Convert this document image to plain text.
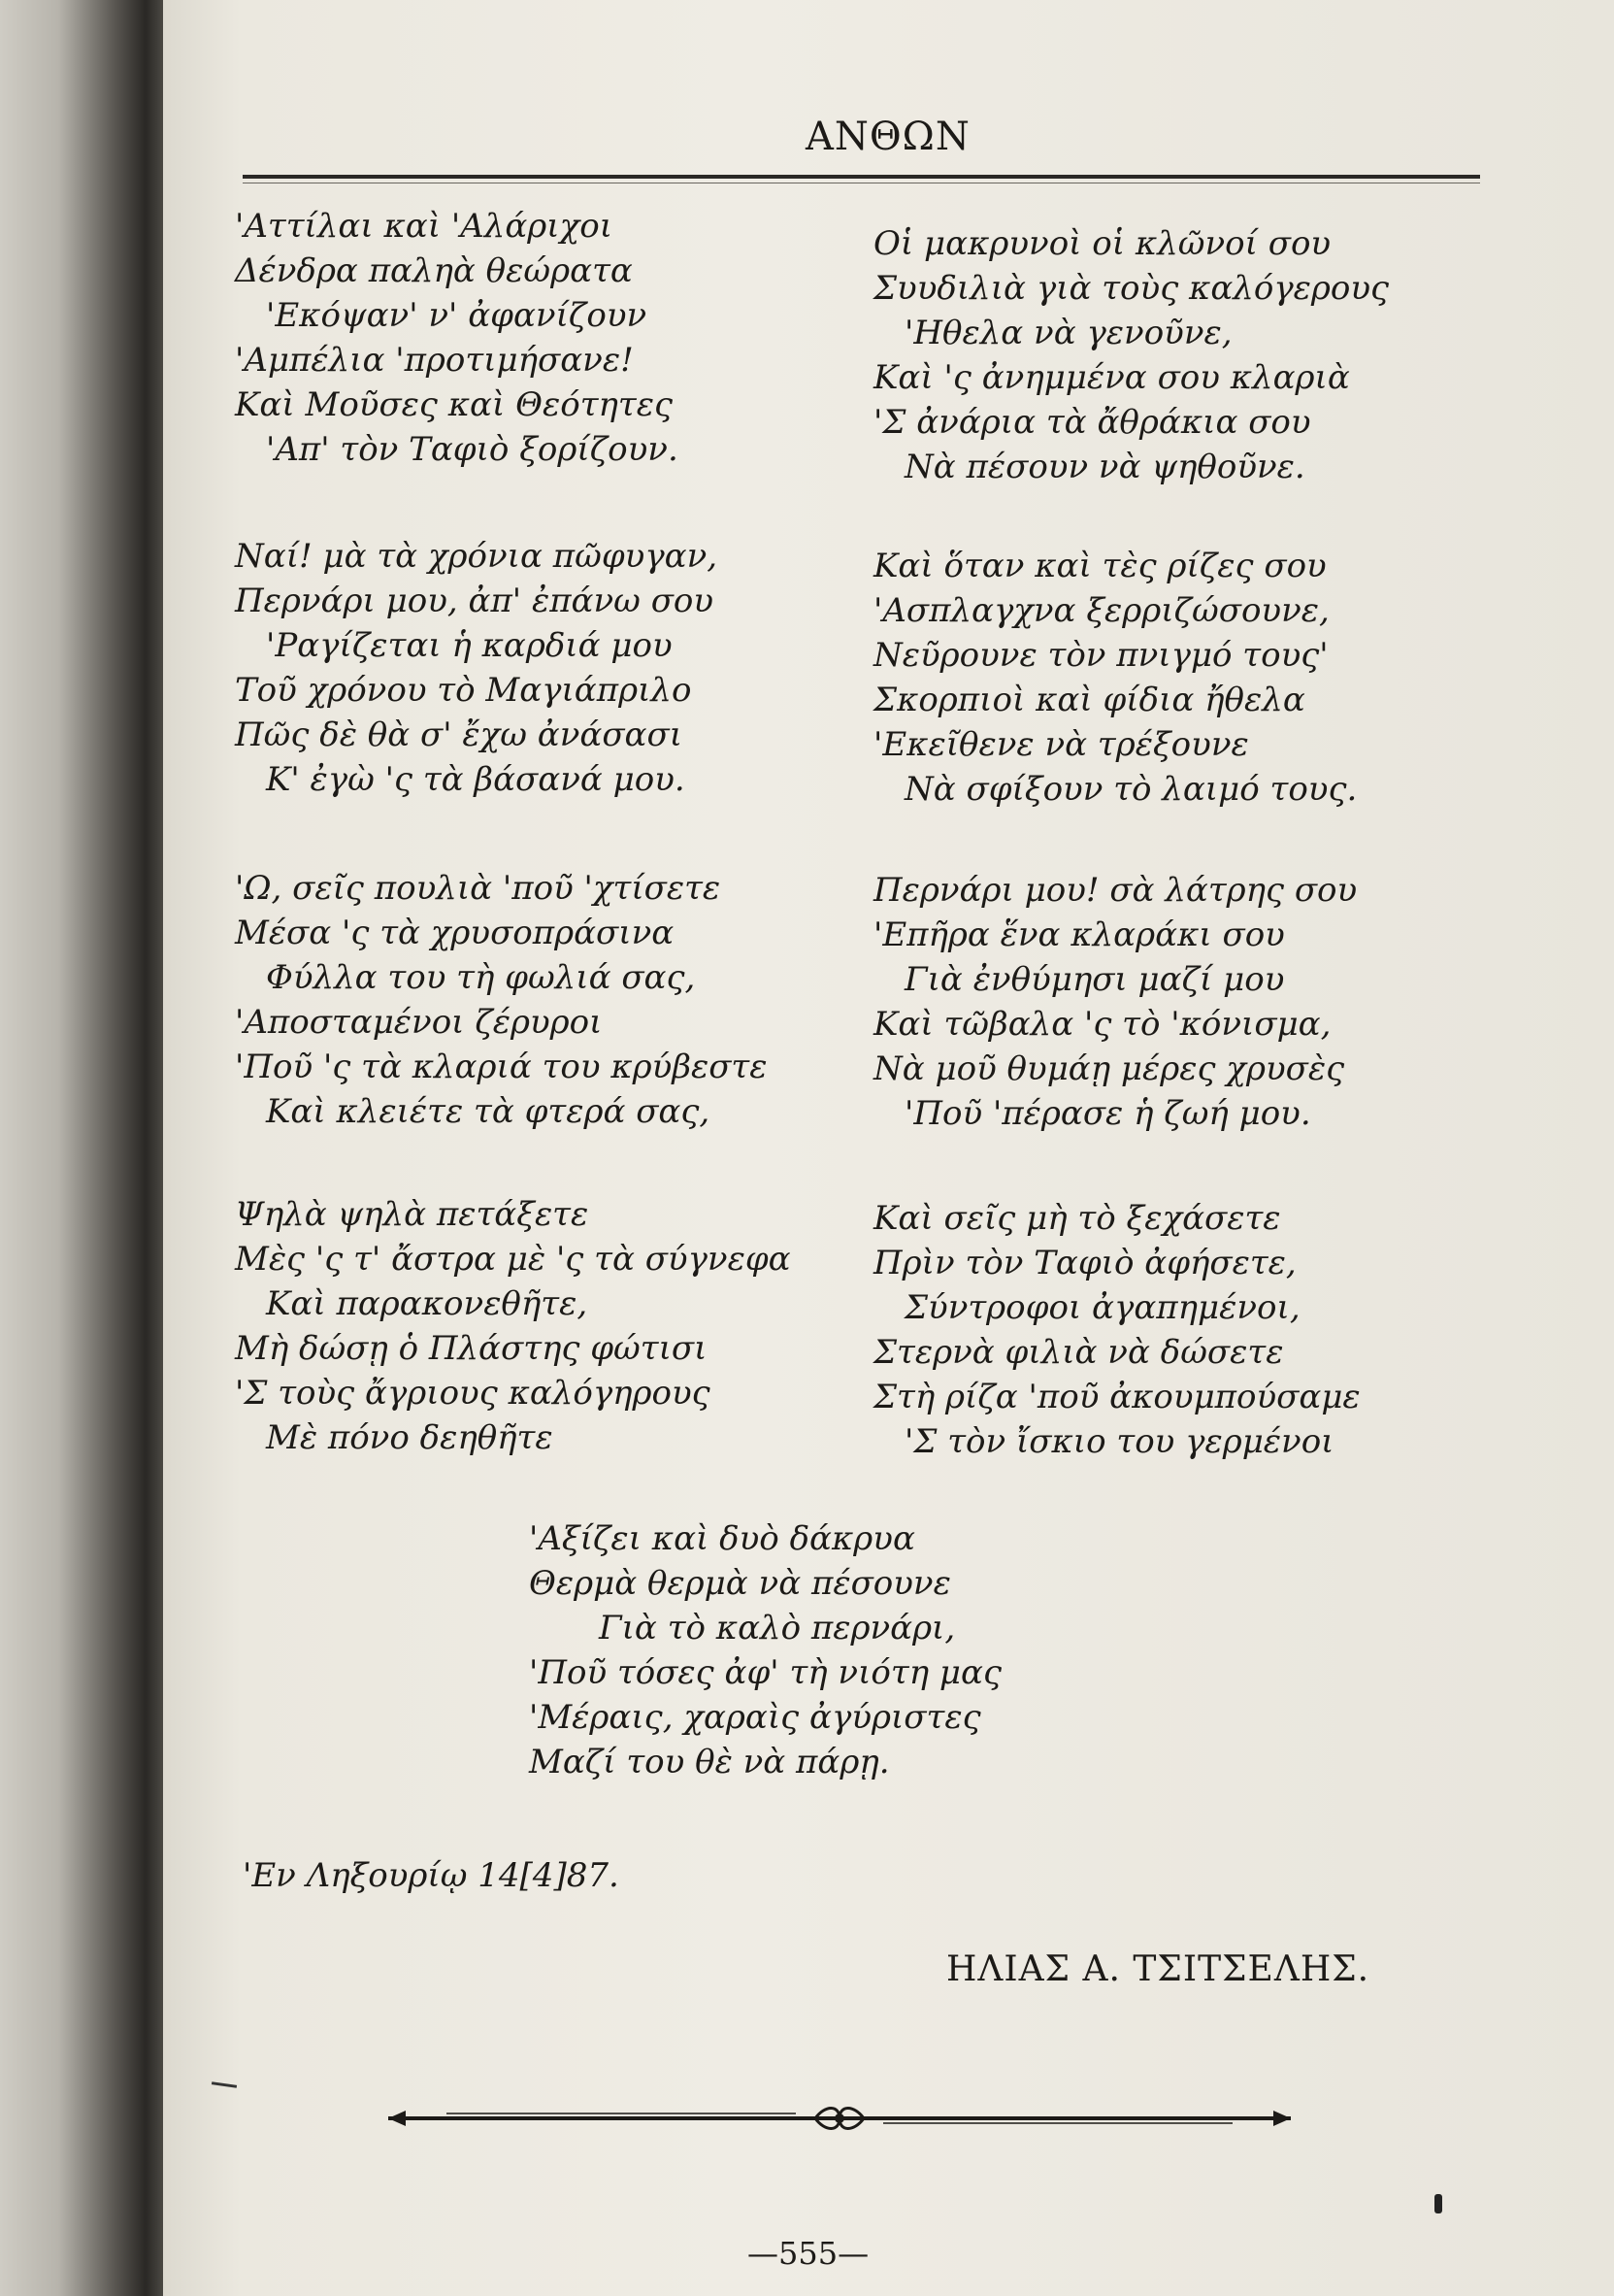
ΑΝΘΩΝ
'Αττίλαι καὶ 'Αλάριχοι
Δένδρα παληὰ θεώρατα
'Εκόψαν' ν' ἀφανίζουν
'Αμπέλια 'προτιμήσανε!
Καὶ Μοῦσες καὶ Θεότητες
'Απ' τὸν Ταφιὸ ξορίζουν.
Ναί! μὰ τὰ χρόνια πῶφυγαν,
Περνάρι μου, ἀπ' ἐπάνω σου
'Ραγίζεται ἡ καρδιά μου
Τοῦ χρόνου τὸ Μαγιάπριλο
Πῶς δὲ θὰ σ' ἔχω ἀνάσασι
Κ' ἐγὼ 'ς τὰ βάσανά μου.
'Ω, σεῖς πουλιὰ 'ποῦ 'χτίσετε
Μέσα 'ς τὰ χρυσοπράσινα
Φύλλα του τὴ φωλιά σας,
'Αποσταμένοι ζέρυροι
'Ποῦ 'ς τὰ κλαριά του κρύβεστε
Καὶ κλειέτε τὰ φτερά σας,
Ψηλὰ ψηλὰ πετάξετε
Μὲς 'ς τ' ἄστρα μὲ 'ς τὰ σύγνεφα
Καὶ παρακονεθῆτε,
Μὴ δώσῃ ὁ Πλάστης φώτισι
'Σ τοὺς ἄγριους καλόγηρους
Μὲ πόνο δεηθῆτε
Οἱ μακρυνοὶ οἱ κλῶνοί σου
Συυδιλιὰ γιὰ τοὺς καλόγερους
'Ηθελα νὰ γενοῦνε,
Καὶ 'ς ἀνημμένα σου κλαριὰ
'Σ ἀνάρια τὰ ἄθράκια σου
Νὰ πέσουν νὰ ψηθοῦνε.
Καὶ ὅταν καὶ τὲς ρίζες σου
'Ασπλαγχνα ξερριζώσουνε,
Νεῦρουνε τὸν πνιγμό τους'
Σκορπιοὶ καὶ φίδια ἤθελα
'Εκεῖθενε νὰ τρέξουνε
Νὰ σφίξουν τὸ λαιμό τους.
Περνάρι μου! σὰ λάτρης σου
'Επῆρα ἕνα κλαράκι σου
Γιὰ ἐνθύμησι μαζί μου
Καὶ τῶβαλα 'ς τὸ 'κόνισμα,
Νὰ μοῦ θυμάῃ μέρες χρυσὲς
'Ποῦ 'πέρασε ἡ ζωή μου.
Καὶ σεῖς μὴ τὸ ξεχάσετε
Πρὶν τὸν Ταφιὸ ἀφήσετε,
Σύντροφοι ἀγαπημένοι,
Στερνὰ φιλιὰ νὰ δώσετε
Στὴ ρίζα 'ποῦ ἀκουμπούσαμε
'Σ τὸν ἴσκιο του γερμένοι
'Αξίζει καὶ δυὸ δάκρυα
Θερμὰ θερμὰ νὰ πέσουνε
Γιὰ τὸ καλὸ περνάρι,
'Ποῦ τόσες ἀφ' τὴ νιότη μας
'Μέραις, χαραὶς ἀγύριστες
Μαζί του θὲ νὰ πάρῃ.
'Εν Ληξουρίῳ 14[4]87.
ΗΛΙΑΣ Α. ΤΣΙΤΣΕΛΗΣ.
—555—
